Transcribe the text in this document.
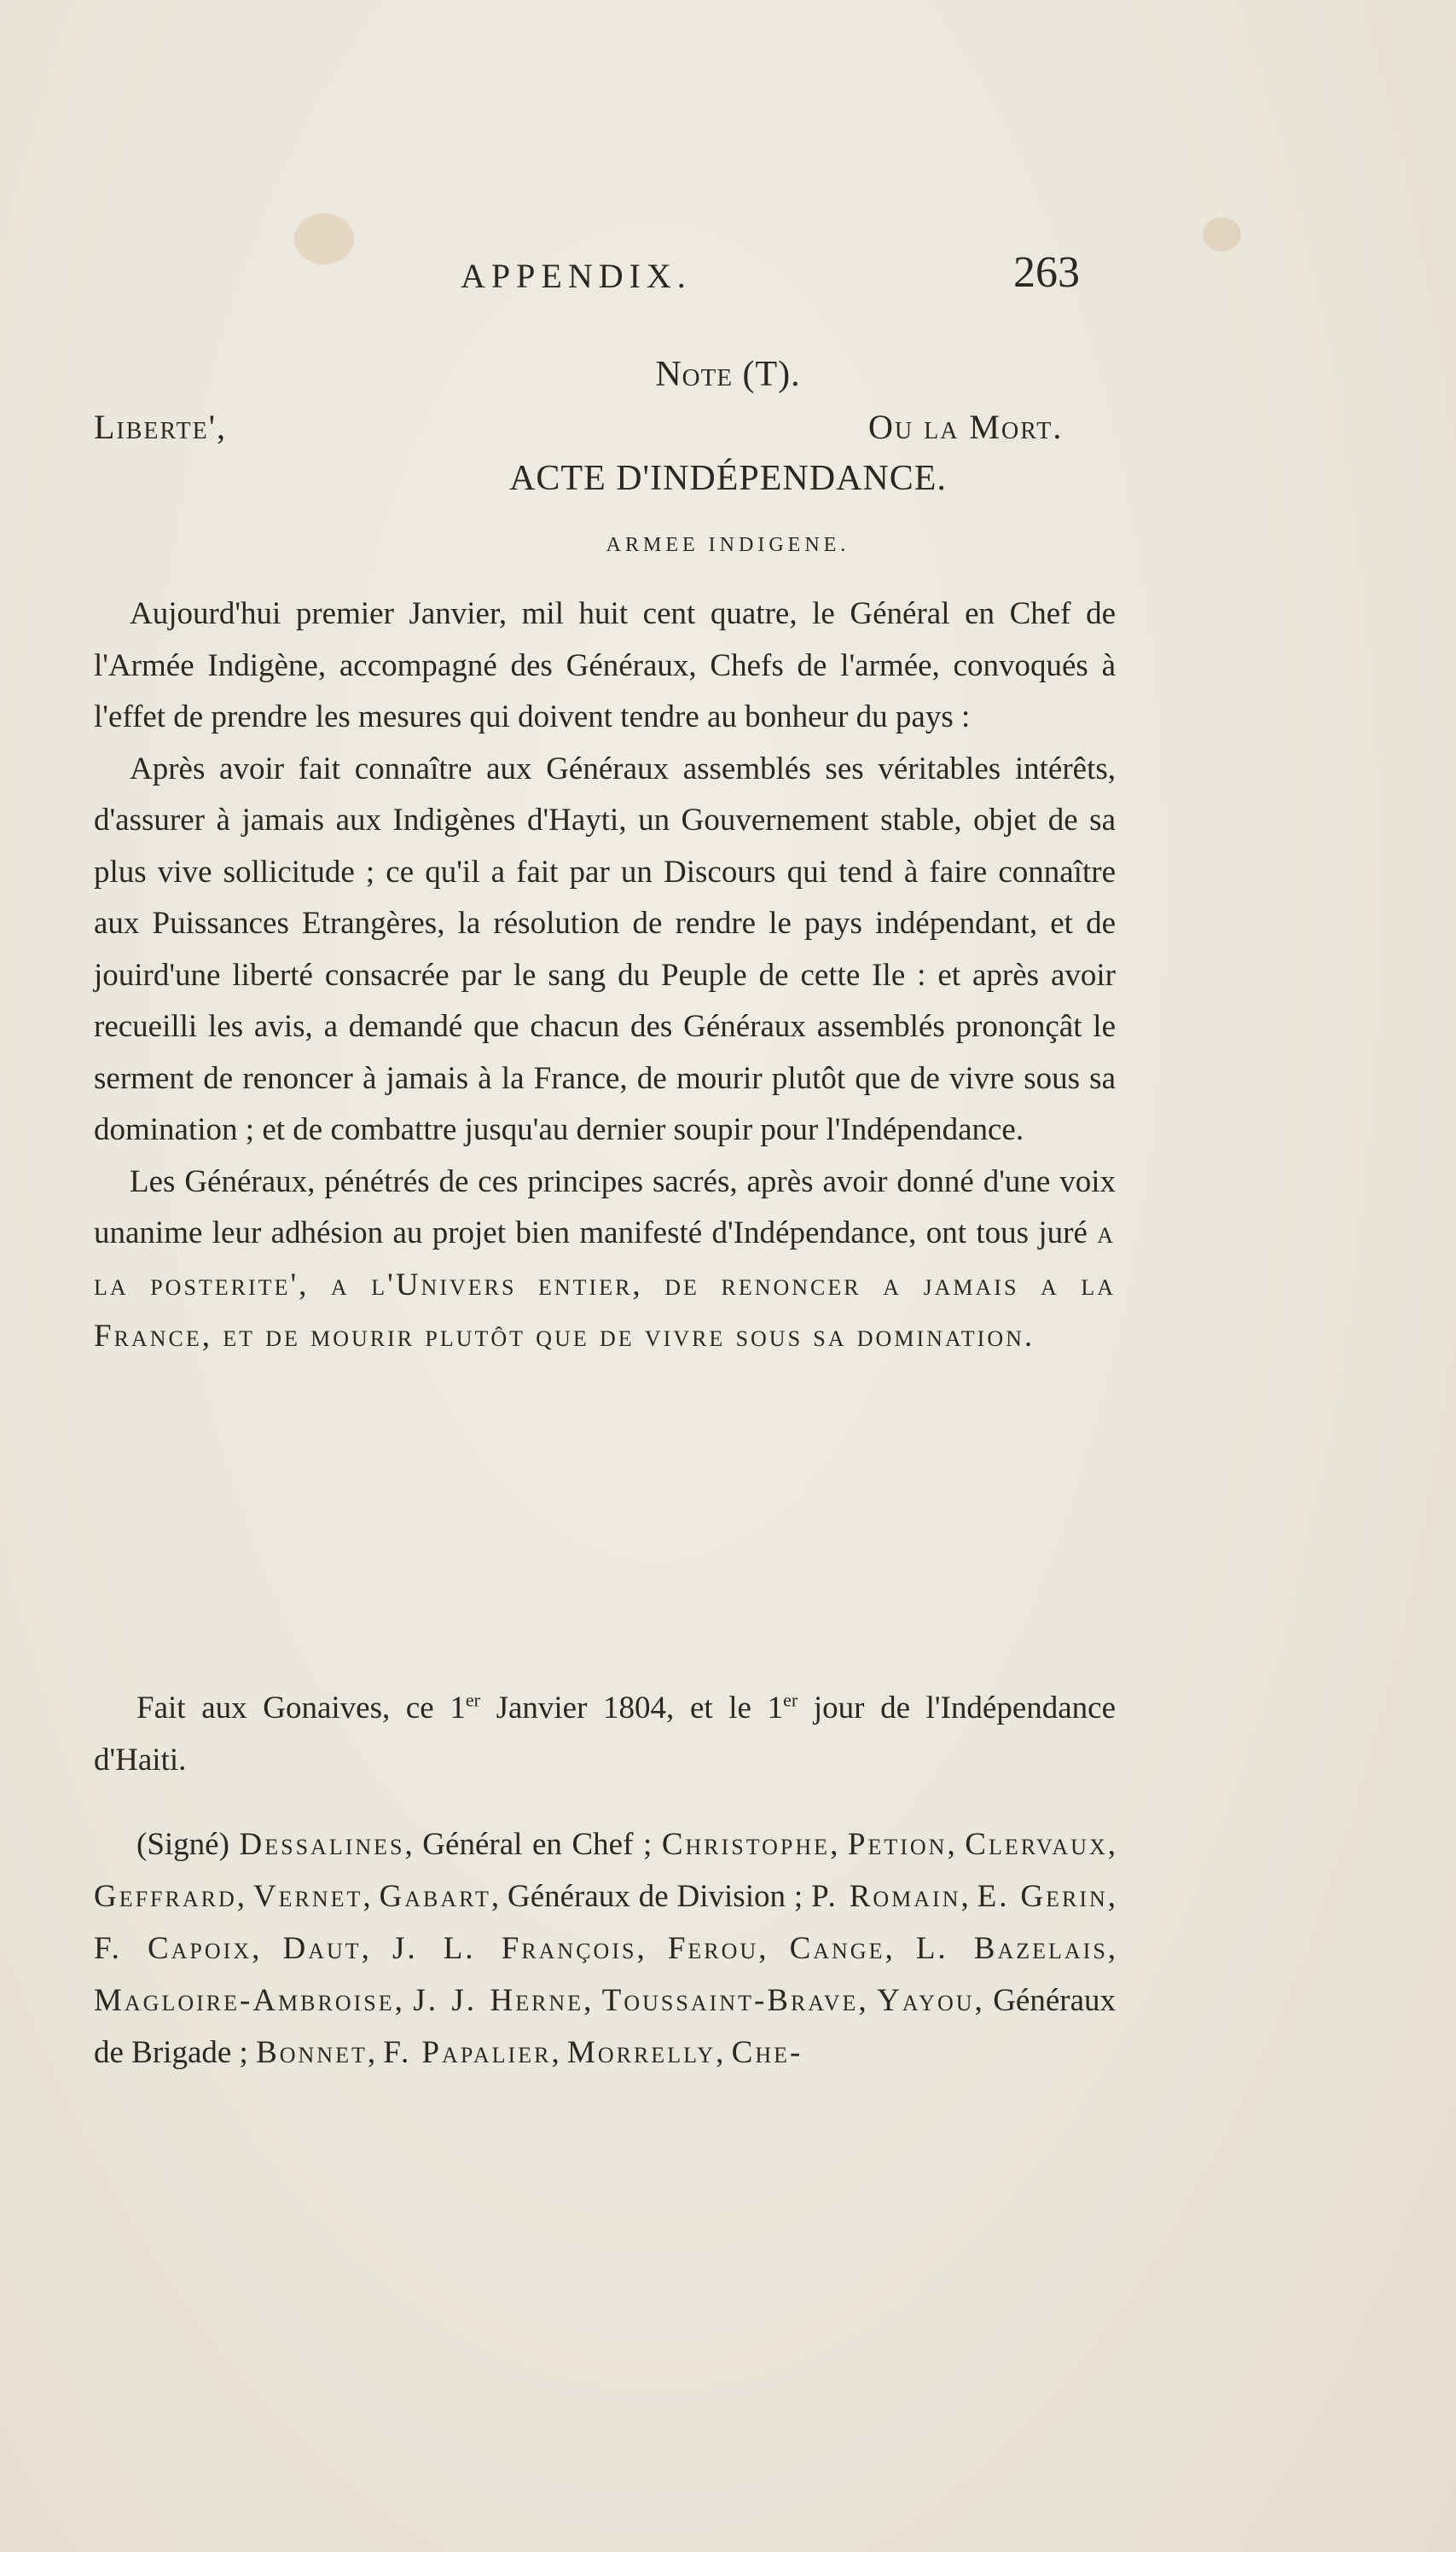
APPENDIX.	263
Note (T).
Liberte',	Ou la Mort.
ACTE D'INDÉPENDANCE.
ARMEE INDIGENE.

Aujourd'hui premier Janvier, mil huit cent quatre, le Général en Chef de l'Armée Indigène, accompagné des Généraux, Chefs de l'armée, convoqués à l'effet de prendre les mesures qui doivent tendre au bonheur du pays :

Après avoir fait connaître aux Généraux assemblés ses véritables intérêts, d'assurer à jamais aux Indigènes d'Hayti, un Gouvernement stable, objet de sa plus vive sollicitude ; ce qu'il a fait par un Discours qui tend à faire connaître aux Puissances Etrangères, la résolution de rendre le pays indépendant, et de jouird'une liberté consacrée par le sang du Peuple de cette Ile : et après avoir recueilli les avis, a demandé que chacun des Généraux assemblés prononçât le serment de renoncer à jamais à la France, de mourir plutôt que de vivre sous sa domination ; et de combattre jusqu'au dernier soupir pour l'Indépendance.

Les Généraux, pénétrés de ces principes sacrés, après avoir donné d'une voix unanime leur adhésion au projet bien manifesté d'Indépendance, ont tous juré a la posterite', a l'Univers entier, de renoncer a jamais a la France, et de mourir plutôt que de vivre sous sa domination.

Fait aux Gonaives, ce 1er Janvier 1804, et le 1er jour de l'Indépendance d'Haiti.
(Signé) Dessalines, Général en Chef ; Christophe, Petion, Clervaux, Geffrard, Vernet, Gabart, Généraux de Division ; P. Romain, E. Gerin, F. Capoix, Daut, J. L. François, Ferou, Cange, L. Bazelais, Magloire-Ambroise, J. J. Herne, Toussaint-Brave, Yayou, Généraux de Brigade ; Bonnet, F. Papalier, Morrelly, Che-
